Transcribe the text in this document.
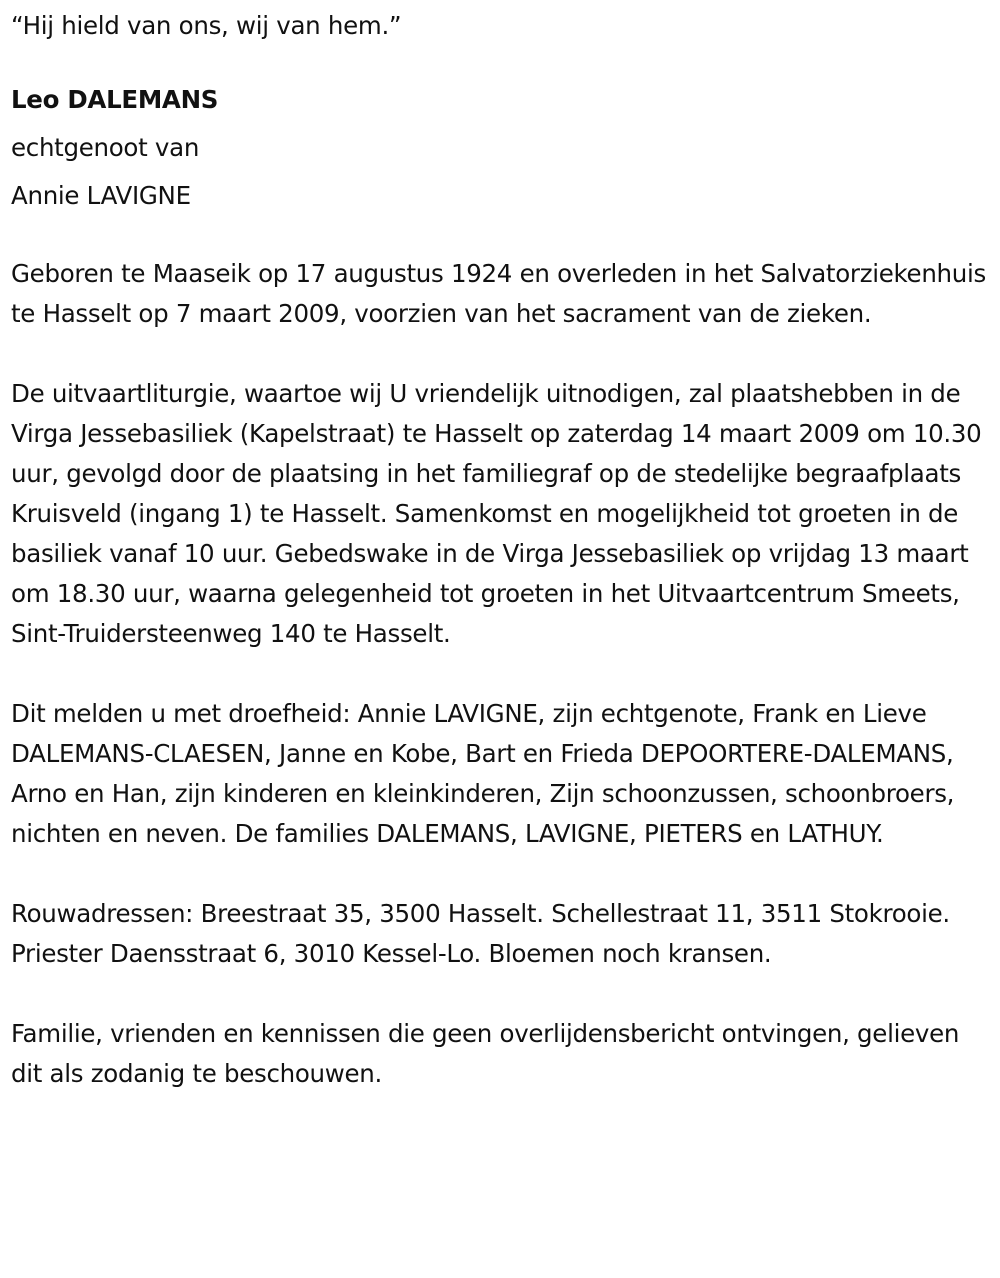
“Hij hield van ons, wij van hem.”

Leo DALEMANS

echtgenoot van

Annie LAVIGNE

Geboren te Maaseik op 17 augustus 1924 en overleden in het Salvatorziekenhuis te Hasselt op 7 maart 2009, voorzien van het sacrament van de zieken.

De uitvaartliturgie, waartoe wij U vriendelijk uitnodigen, zal plaatshebben in de Virga Jessebasiliek (Kapelstraat) te Hasselt op zaterdag 14 maart 2009 om 10.30 uur, gevolgd door de plaatsing in het familiegraf op de stedelijke begraafplaats Kruisveld (ingang 1) te Hasselt. Samenkomst en mogelijkheid tot groeten in de basiliek vanaf 10 uur. Gebedswake in de Virga Jessebasiliek op vrijdag 13 maart om 18.30 uur, waarna gelegenheid tot groeten in het Uitvaartcentrum Smeets, Sint-Truidersteenweg 140 te Hasselt.

Dit melden u met droefheid: Annie LAVIGNE, zijn echtgenote, Frank en Lieve DALEMANS-CLAESEN, Janne en Kobe, Bart en Frieda DEPOORTERE-DALEMANS, Arno en Han, zijn kinderen en kleinkinderen, Zijn schoonzussen, schoonbroers, nichten en neven. De families DALEMANS, LAVIGNE, PIETERS en LATHUY.

Rouwadressen: Breestraat 35, 3500 Hasselt. Schellestraat 11, 3511 Stokrooie. Priester Daensstraat 6, 3010 Kessel-Lo. Bloemen noch kransen.

Familie, vrienden en kennissen die geen overlijdensbericht ontvingen, gelieven dit als zodanig te beschouwen.
